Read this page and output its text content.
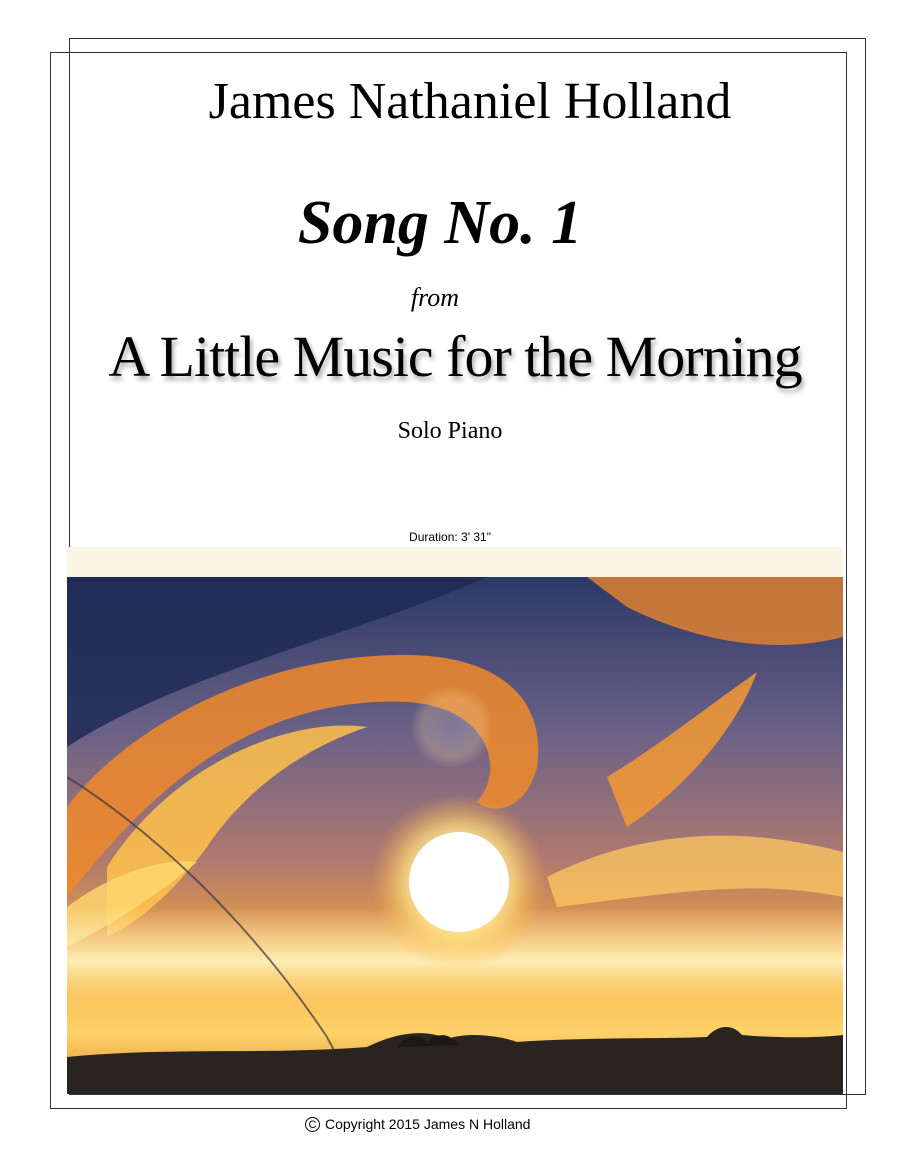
James Nathaniel Holland
Song No. 1
from
A Little Music for the Morning
Solo Piano
Duration: 3' 31"
C Copyright 2015 James N Holland
